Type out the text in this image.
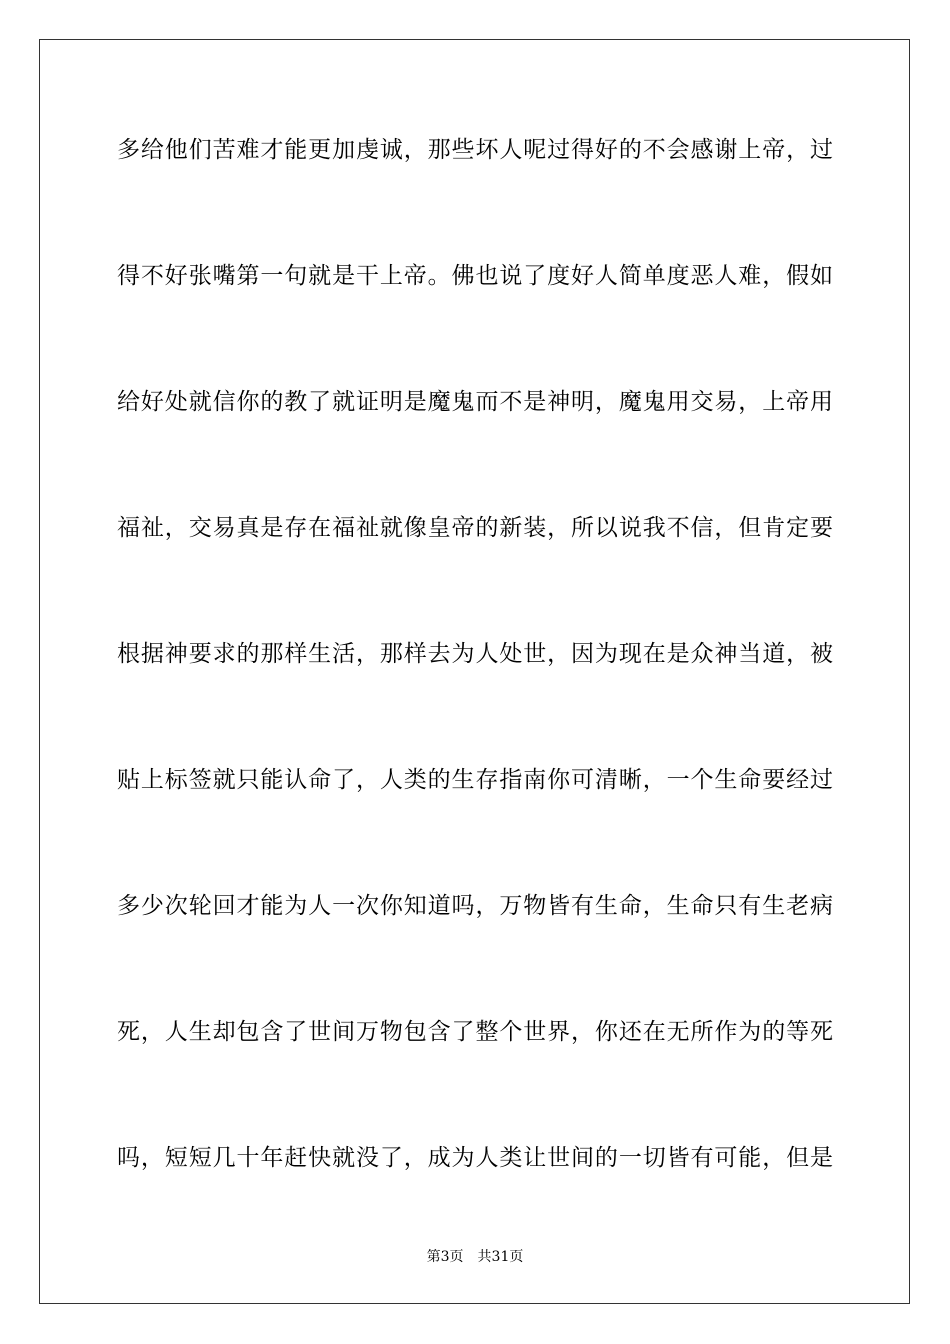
多给他们苦难才能更加虔诚，那些坏人呢过得好的不会感谢上帝，过
得不好张嘴第一句就是干上帝。佛也说了度好人简单度恶人难，假如
给好处就信你的教了就证明是魔鬼而不是神明，魔鬼用交易，上帝用
福祉，交易真是存在福祉就像皇帝的新装，所以说我不信，但肯定要
根据神要求的那样生活，那样去为人处世，因为现在是众神当道，被
贴上标签就只能认命了，人类的生存指南你可清晰，一个生命要经过
多少次轮回才能为人一次你知道吗，万物皆有生命，生命只有生老病
死，人生却包含了世间万物包含了整个世界，你还在无所作为的等死
吗，短短几十年赶快就没了，成为人类让世间的一切皆有可能，但是
第3页 共31页
